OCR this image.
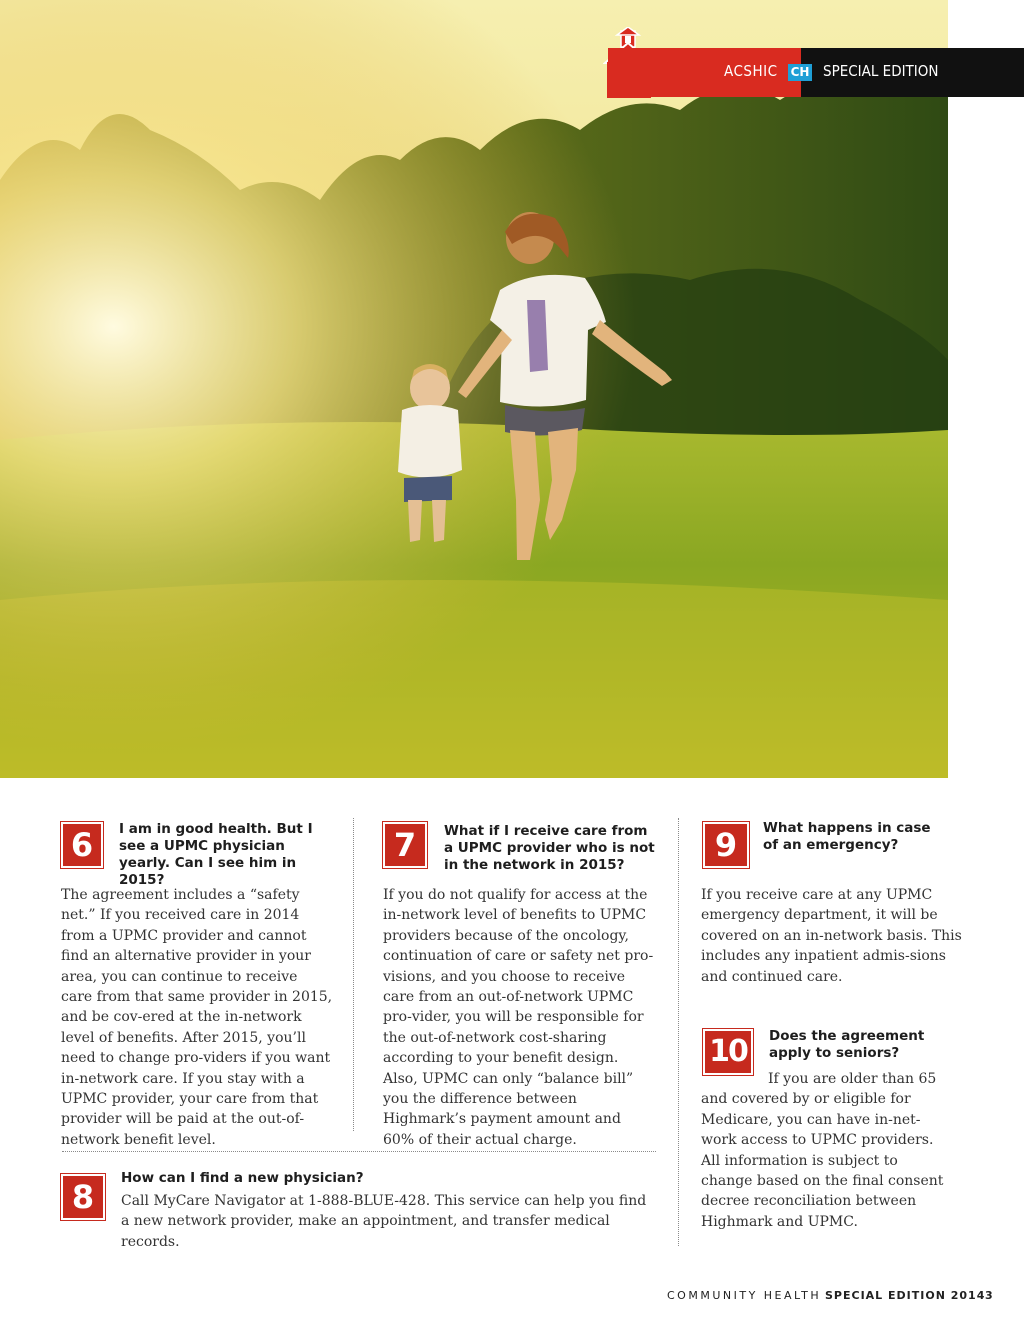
ACSHIC CH SPECIAL EDITION
6	I am in good health. But I see a UPMC physician yearly. Can I see him in 2015?

The agreement includes a “safety net.” If you received care in 2014 from a UPMC provider and cannot find an alternative provider in your area, you can continue to receive care from that same provider in 2015, and be cov-ered at the in-network level of benefits. After 2015, you’ll need to change pro-viders if you want in-network care. If you stay with a UPMC provider, your care from that provider will be paid at the out-of-network benefit level.

7	What if I receive care from a UPMC provider who is not in the network in 2015?

If you do not qualify for access at the in-network level of benefits to UPMC providers because of the oncology, continuation of care or safety net pro-visions, and you choose to receive care from an out-of-network UPMC pro-vider, you will be responsible for the out-of-network cost-sharing according to your benefit design. Also, UPMC can only “balance bill” you the difference between Highmark’s payment amount and 60% of their actual charge.

9	What happens in case of an emergency?

If you receive care at any UPMC emergency department, it will be covered on an in-network basis. This includes any inpatient admis-sions and continued care.

10	Does the agreement apply to seniors?

If you are older than 65 and covered by or eligible for Medicare, you can have in-net-work access to UPMC providers. All information is subject to change based on the final consent decree reconciliation between Highmark and UPMC.

8	How can I find a new physician?

Call MyCare Navigator at 1-888-BLUE-428. This service can help you find a new network provider, make an appointment, and transfer medical records.

COMMUNITY HEALTH SPECIAL EDITION 2014 3
